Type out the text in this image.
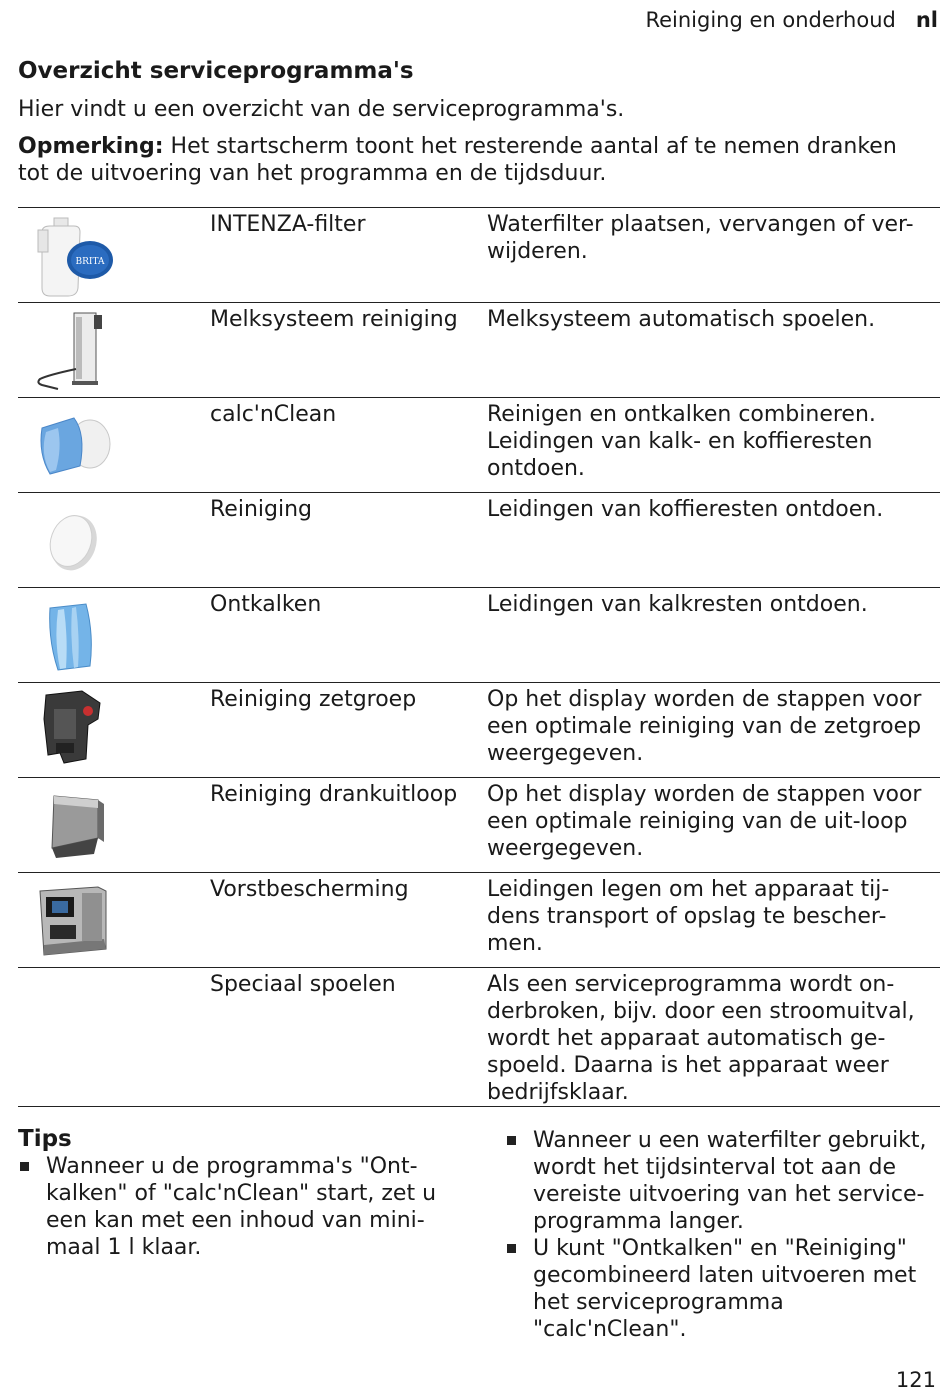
Reiniging en onderhoud nl
Overzicht serviceprogramma's
Hier vindt u een overzicht van de serviceprogramma's.
Opmerking: Het startscherm toont het resterende aantal af te nemen dranken tot de uitvoering van het programma en de tijdsduur.
BRITA	INTENZA-filter	Waterfilter plaatsen, vervangen of ver-wijderen.

	Melksysteem reiniging	Melksysteem automatisch spoelen.

	calc'nClean	Reinigen en ontkalken combineren. Leidingen van kalk- en koffieresten ontdoen.

	Reiniging	Leidingen van koffieresten ontdoen.

	Ontkalken	Leidingen van kalkresten ontdoen.

	Reiniging zetgroep	Op het display worden de stappen voor een optimale reiniging van de zetgroep weergegeven.

	Reiniging drankuitloop	Op het display worden de stappen voor een optimale reiniging van de uit-loop weergegeven.

	Vorstbescherming	Leidingen legen om het apparaat tij-dens transport of opslag te bescher-men.
	Speciaal spoelen	Als een serviceprogramma wordt on-derbroken, bijv. door een stroomuitval, wordt het apparaat automatisch ge-spoeld. Daarna is het apparaat weer bedrijfsklaar.
Tips
Wanneer u de programma's "Ont-kalken" of "calc'nClean" start, zet u een kan met een inhoud van mini-maal 1 l klaar.
Wanneer u een waterfilter gebruikt, wordt het tijdsinterval tot aan de vereiste uitvoering van het service-programma langer.
U kunt "Ontkalken" en "Reiniging" gecombineerd laten uitvoeren met het serviceprogramma "calc'nClean".
121
